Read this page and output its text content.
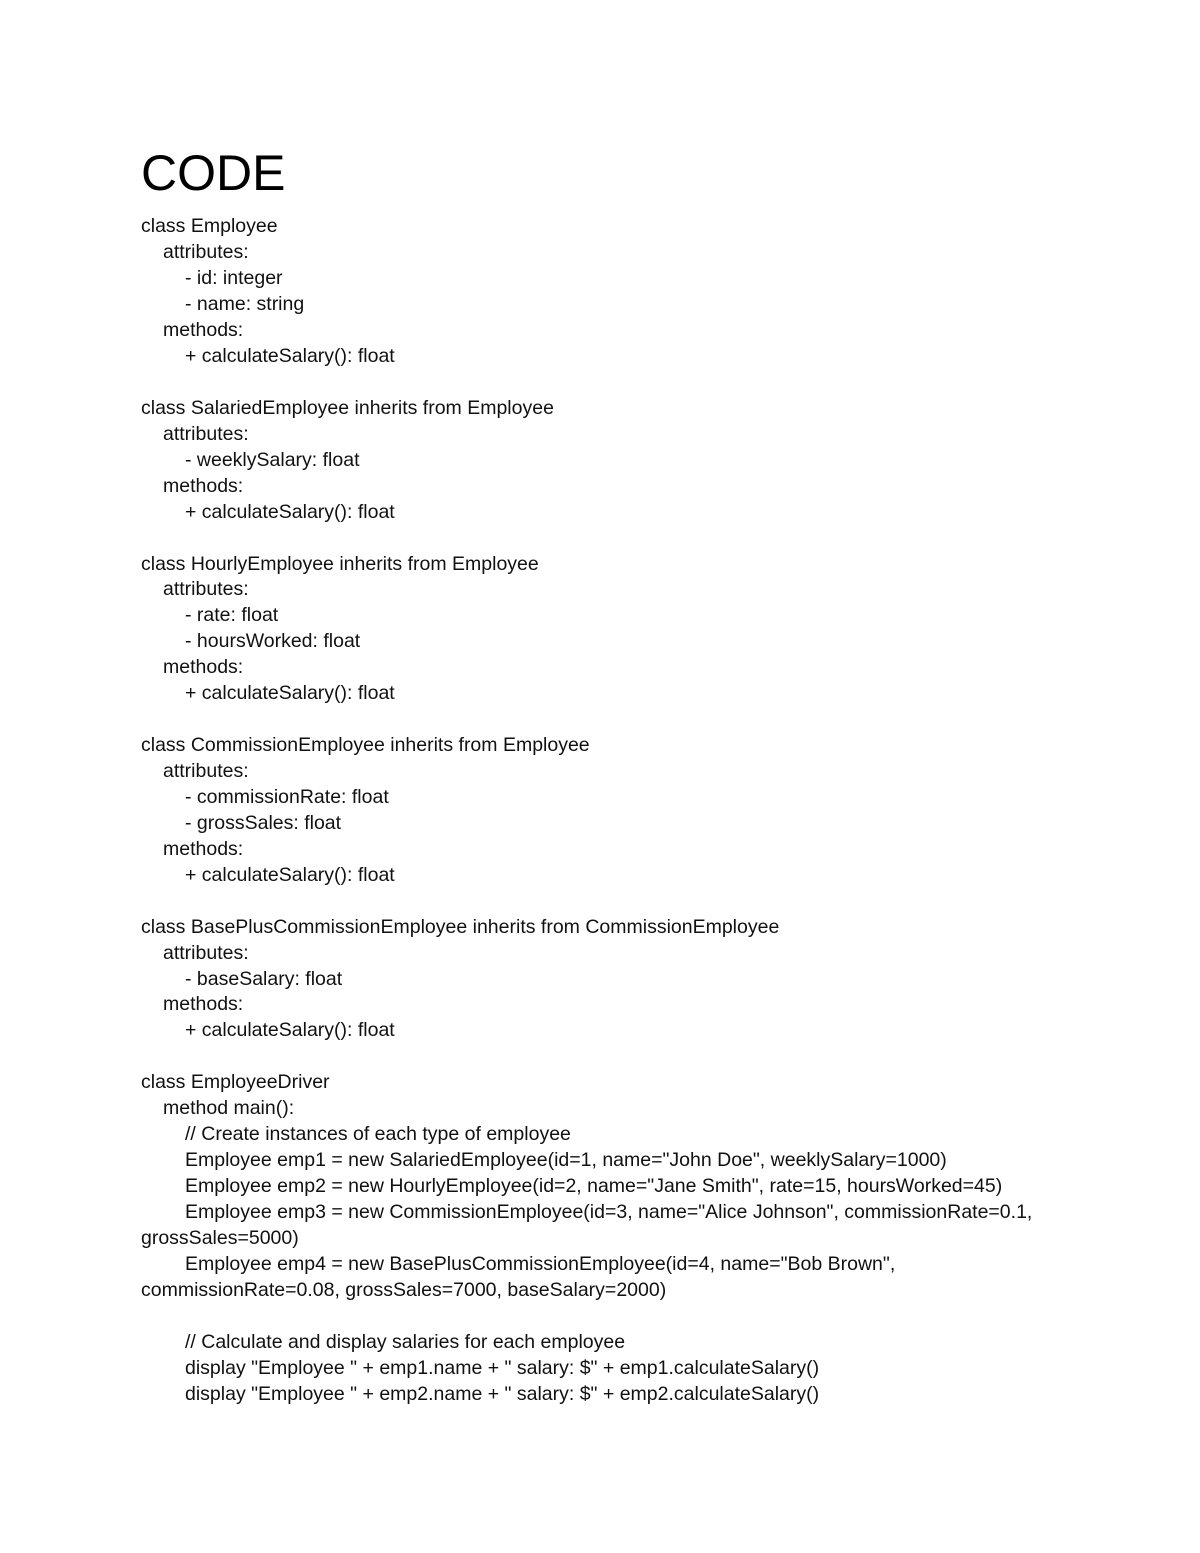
CODE
class Employee
attributes:
- id: integer
- name: string
methods:
+ calculateSalary(): float
class SalariedEmployee inherits from Employee
attributes:
- weeklySalary: float
methods:
+ calculateSalary(): float
class HourlyEmployee inherits from Employee
attributes:
- rate: float
- hoursWorked: float
methods:
+ calculateSalary(): float
class CommissionEmployee inherits from Employee
attributes:
- commissionRate: float
- grossSales: float
methods:
+ calculateSalary(): float
class BasePlusCommissionEmployee inherits from CommissionEmployee
attributes:
- baseSalary: float
methods:
+ calculateSalary(): float
class EmployeeDriver
method main():
// Create instances of each type of employee
Employee emp1 = new SalariedEmployee(id=1, name="John Doe", weeklySalary=1000)
Employee emp2 = new HourlyEmployee(id=2, name="Jane Smith", rate=15, hoursWorked=45)
Employee emp3 = new CommissionEmployee(id=3, name="Alice Johnson", commissionRate=0.1,
grossSales=5000)
Employee emp4 = new BasePlusCommissionEmployee(id=4, name="Bob Brown",
commissionRate=0.08, grossSales=7000, baseSalary=2000)
// Calculate and display salaries for each employee
display "Employee " + emp1.name + " salary: $" + emp1.calculateSalary()
display "Employee " + emp2.name + " salary: $" + emp2.calculateSalary()
